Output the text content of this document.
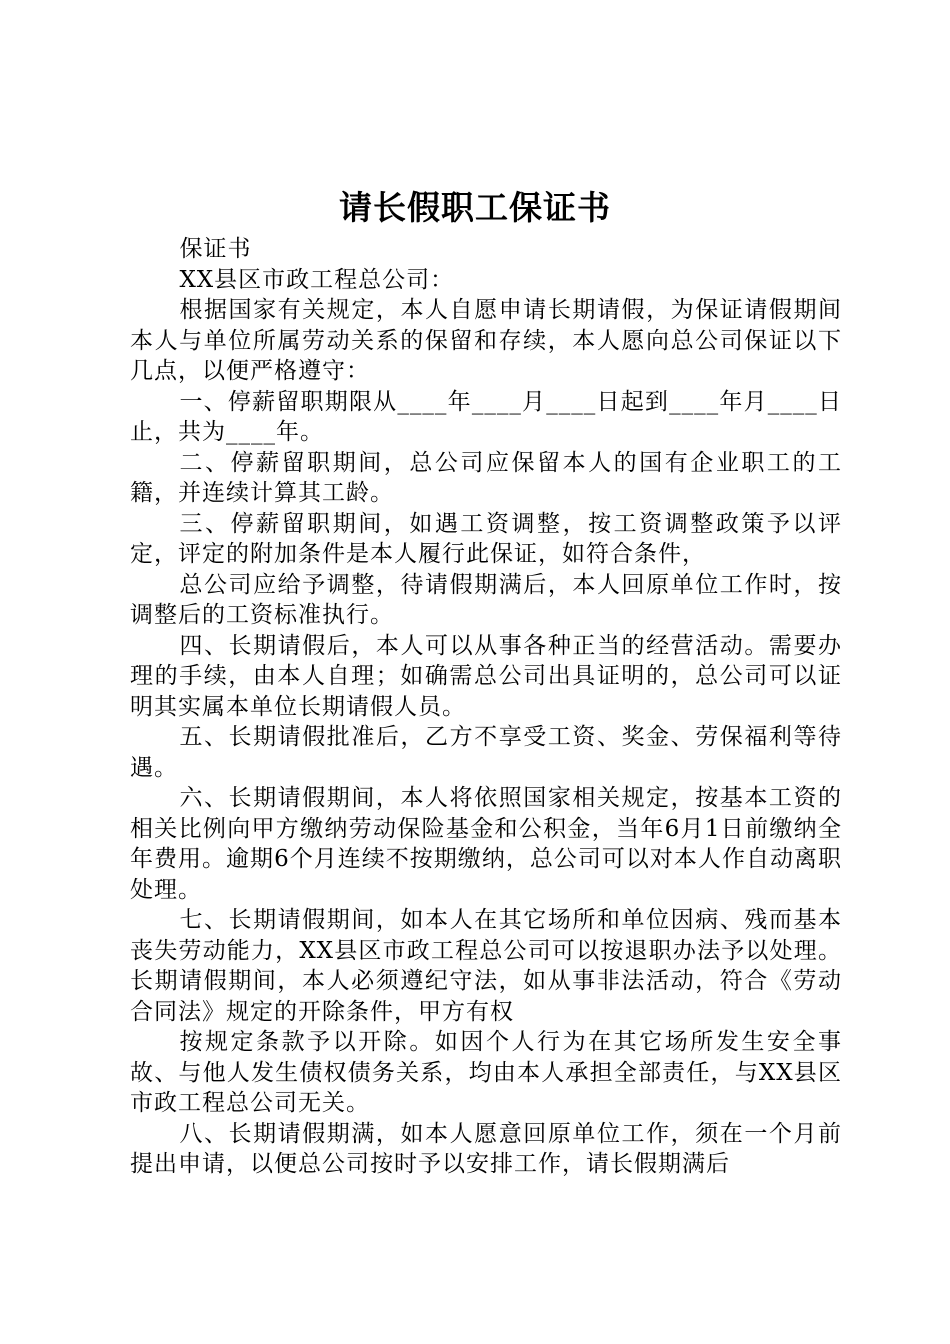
请长假职工保证书

保证书

XX县区市政工程总公司：

根据国家有关规定，本人自愿申请长期请假，为保证请假期间本人与单位所属劳动关系的保留和存续，本人愿向总公司保证以下几点，以便严格遵守：

一、停薪留职期限从____年____月____日起到____年月____日止，共为____年。

二、停薪留职期间，总公司应保留本人的国有企业职工的工籍，并连续计算其工龄。

三、停薪留职期间，如遇工资调整，按工资调整政策予以评定，评定的附加条件是本人履行此保证，如符合条件，

总公司应给予调整，待请假期满后，本人回原单位工作时，按调整后的工资标准执行。

四、长期请假后，本人可以从事各种正当的经营活动。需要办理的手续，由本人自理；如确需总公司出具证明的，总公司可以证明其实属本单位长期请假人员。

五、长期请假批准后，乙方不享受工资、奖金、劳保福利等待遇。

六、长期请假期间，本人将依照国家相关规定，按基本工资的相关比例向甲方缴纳劳动保险基金和公积金，当年6月1日前缴纳全年费用。逾期6个月连续不按期缴纳，总公司可以对本人作自动离职处理。

七、长期请假期间，如本人在其它场所和单位因病、残而基本丧失劳动能力，XX县区市政工程总公司可以按退职办法予以处理。长期请假期间，本人必须遵纪守法，如从事非法活动，符合《劳动合同法》规定的开除条件，甲方有权

按规定条款予以开除。如因个人行为在其它场所发生安全事故、与他人发生债权债务关系，均由本人承担全部责任，与XX县区市政工程总公司无关。

八、长期请假期满，如本人愿意回原单位工作，须在一个月前提出申请，以便总公司按时予以安排工作，请长假期满后
